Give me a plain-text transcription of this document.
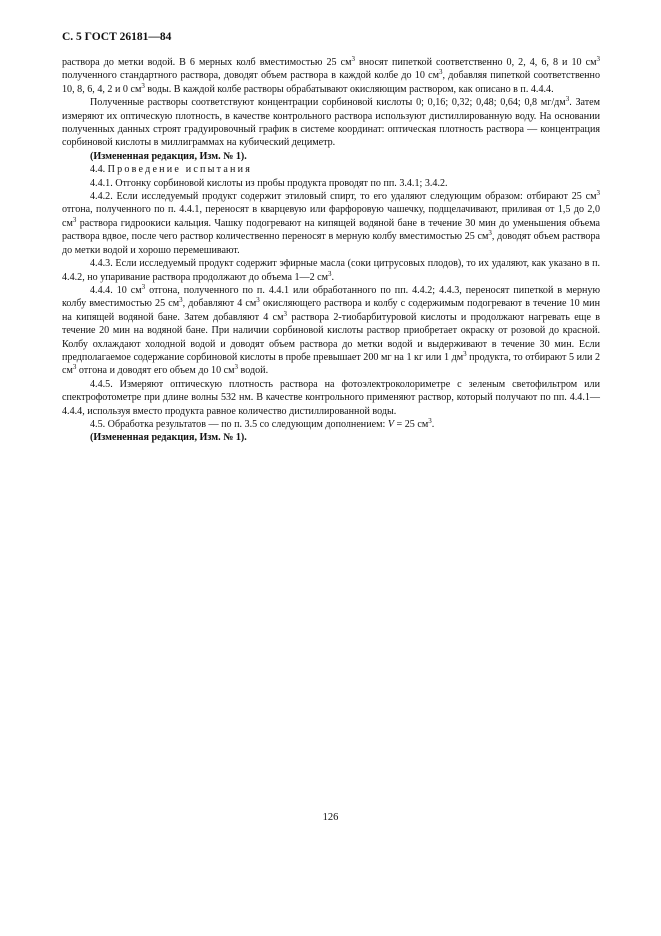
С. 5 ГОСТ 26181—84

раствора до метки водой. В 6 мерных колб вместимостью 25 $см^3$ вносят пипеткой соответственно 0, 2, 4, 6, 8 и 10 $см^3$ полученного стандартного раствора, доводят объем раствора в каждой колбе до 10 $см^3$, добавляя пипеткой соответственно 10, 8, 6, 4, 2 и 0 $см^3$ воды. В каждой колбе растворы обрабатывают окисляющим раствором, как описано в п. 4.4.4.

Полученные растворы соответствуют концентрации сорбиновой кислоты 0; 0,16; 0,32; 0,48; 0,64; 0,8 $мг/дм^3$. Затем измеряют их оптическую плотность, в качестве контрольного раствора используют дистиллированную воду. На основании полученных данных строят градуировочный график в системе координат: оптическая плотность раствора — концентрация сорбиновой кислоты в миллиграммах на кубический дециметр.

(Измененная редакция, Изм. № 1).

4.4. Проведение испытания

4.4.1. Отгонку сорбиновой кислоты из пробы продукта проводят по пп. 3.4.1; 3.4.2.

4.4.2. Если исследуемый продукт содержит этиловый спирт, то его удаляют следующим образом: отбирают 25 $см^3$ отгона, полученного по п. 4.4.1, переносят в кварцевую или фарфоровую чашечку, подщелачивают, приливая от 1,5 до 2,0 $см^3$ раствора гидроокиси кальция. Чашку подогревают на кипящей водяной бане в течение 30 мин до уменьшения объема раствора вдвое, после чего раствор количественно переносят в мерную колбу вместимостью 25 $см^3$, доводят объем раствора до метки водой и хорошо перемешивают.

4.4.3. Если исследуемый продукт содержит эфирные масла (соки цитрусовых плодов), то их удаляют, как указано в п. 4.4.2, но упаривание раствора продолжают до объема 1—2 $см^3$.

4.4.4. 10 $см^3$ отгона, полученного по п. 4.4.1 или обработанного по пп. 4.4.2; 4.4.3, переносят пипеткой в мерную колбу вместимостью 25 $см^3$, добавляют 4 $см^3$ окисляющего раствора и колбу с содержимым подогревают в течение 10 мин на кипящей водяной бане. Затем добавляют 4 $см^3$ раствора 2-тиобарбитуровой кислоты и продолжают нагревать еще в течение 20 мин на водяной бане. При наличии сорбиновой кислоты раствор приобретает окраску от розовой до красной. Колбу охлаждают холодной водой и доводят объем раствора до метки водой и выдерживают в течение 30 мин. Если предполагаемое содержание сорбиновой кислоты в пробе превышает 200 мг на 1 кг или 1 $дм^3$ продукта, то отбирают 5 или 2 $см^3$ отгона и доводят его объем до 10 $см^3$ водой.

4.4.5. Измеряют оптическую плотность раствора на фотоэлектроколориметре с зеленым светофильтром или спектрофотометре при длине волны 532 нм. В качестве контрольного применяют раствор, который получают по пп. 4.4.1—4.4.4, используя вместо продукта равное количество дистиллированной воды.

4.5. Обработка результатов — по п. 3.5 со следующим дополнением: V = 25 $см^3$.

(Измененная редакция, Изм. № 1).

126
